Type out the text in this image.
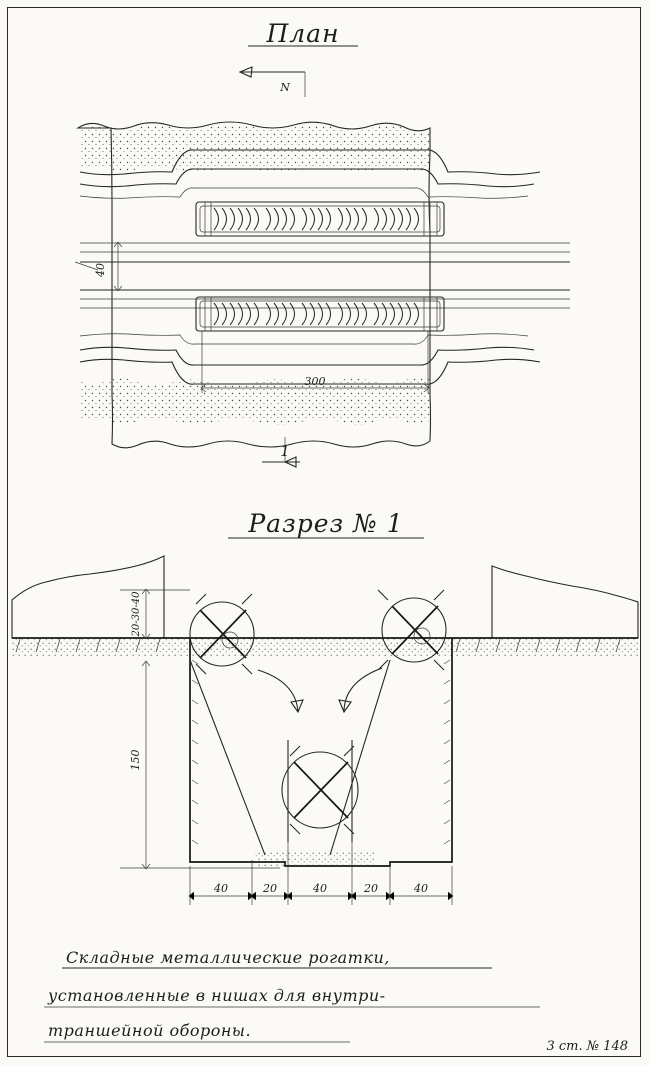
План
Разрез № 1
N
1
40
300
20-30-40
150
40	20	40	20	40
Складные металлические рогатки,
установленные в нишах для внутри-
траншейной обороны.
3 ст. № 148
